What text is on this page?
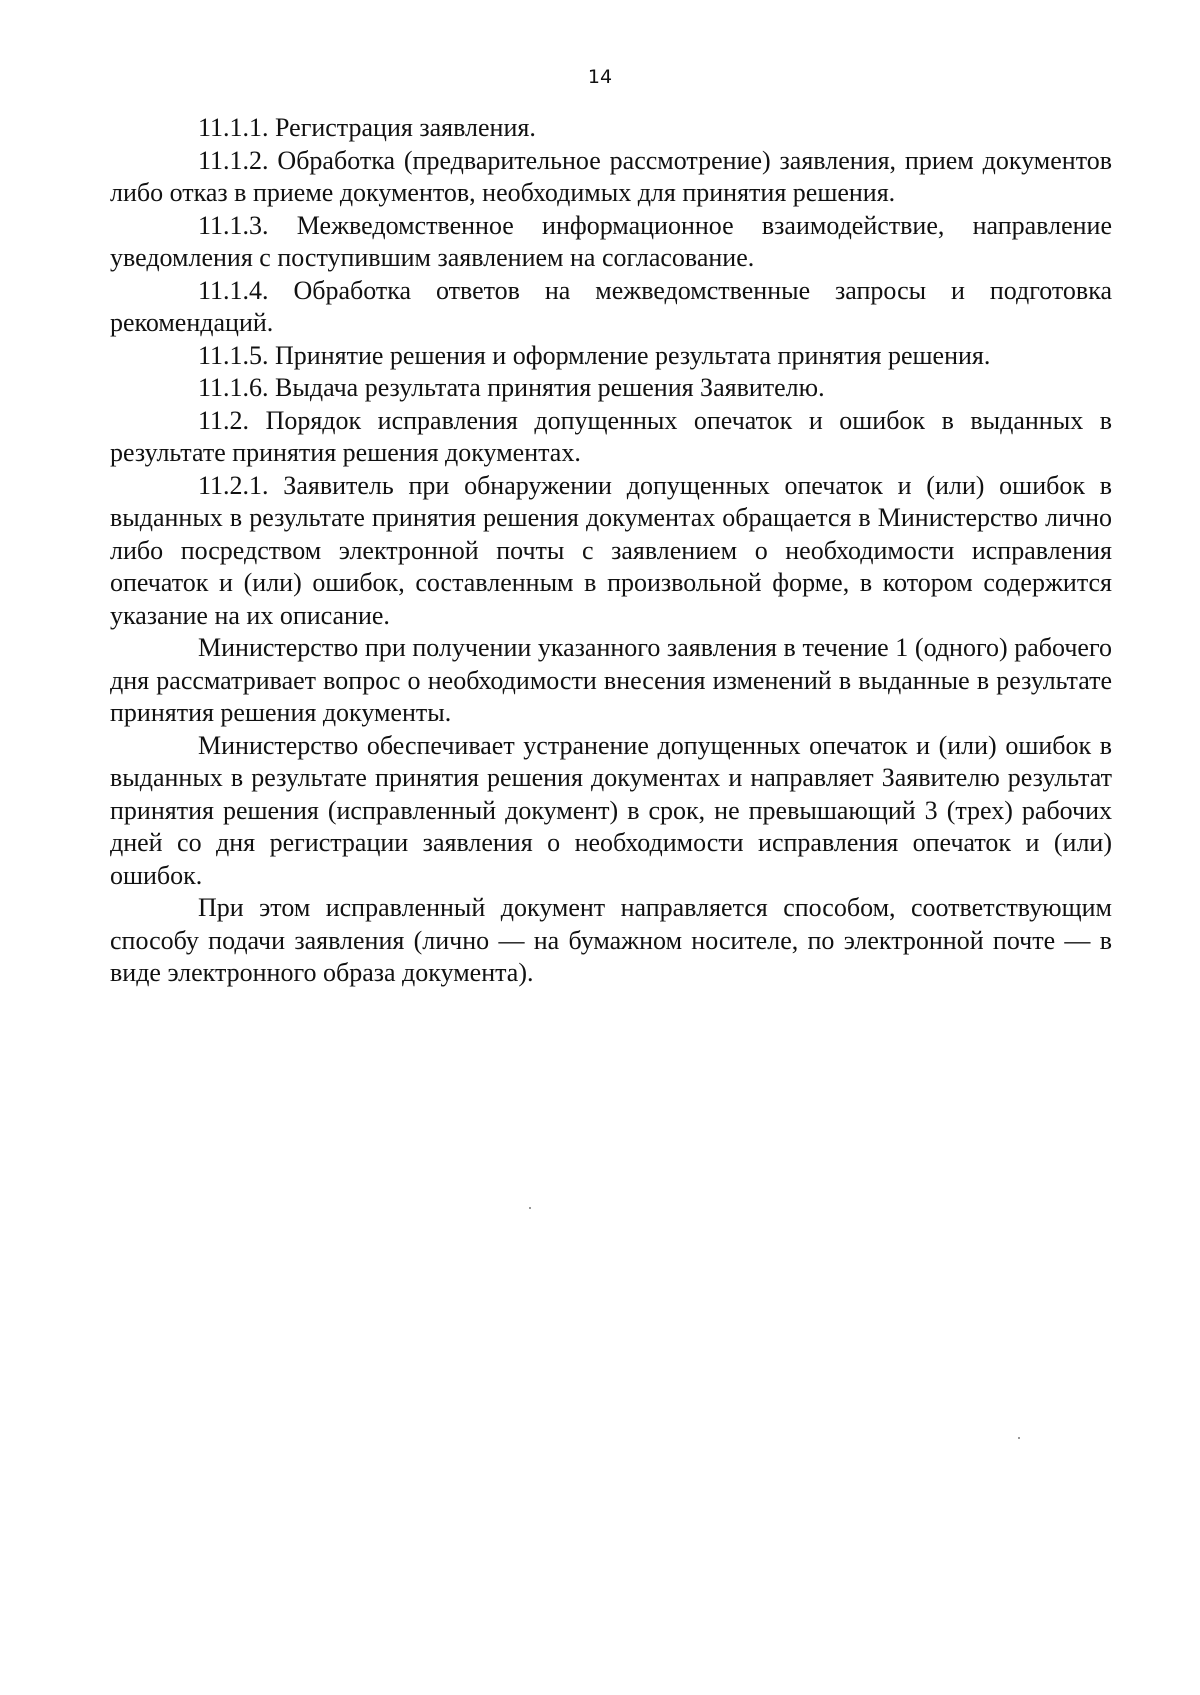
14

11.1.1. Регистрация заявления.

11.1.2. Обработка (предварительное рассмотрение) заявления, прием документов либо отказ в приеме документов, необходимых для принятия решения.

11.1.3. Межведомственное информационное взаимодействие, направление уведомления с поступившим заявлением на согласование.

11.1.4. Обработка ответов на межведомственные запросы и подготовка рекомендаций.

11.1.5. Принятие решения и оформление результата принятия решения.

11.1.6. Выдача результата принятия решения Заявителю.

11.2. Порядок исправления допущенных опечаток и ошибок в выданных в результате принятия решения документах.

11.2.1. Заявитель при обнаружении допущенных опечаток и (или) ошибок в выданных в результате принятия решения документах обращается в Министерство лично либо посредством электронной почты с заявлением о необходимости исправления опечаток и (или) ошибок, составленным в произвольной форме, в котором содержится указание на их описание.

Министерство при получении указанного заявления в течение 1 (одного) рабочего дня рассматривает вопрос о необходимости внесения изменений в выданные в результате принятия решения документы.

Министерство обеспечивает устранение допущенных опечаток и (или) ошибок в выданных в результате принятия решения документах и направляет Заявителю результат принятия решения (исправленный документ) в срок, не превышающий 3 (трех) рабочих дней со дня регистрации заявления о необходимости исправления опечаток и (или) ошибок.

При этом исправленный документ направляется способом, соответствующим способу подачи заявления (лично — на бумажном носителе, по электронной почте — в виде электронного образа документа).
